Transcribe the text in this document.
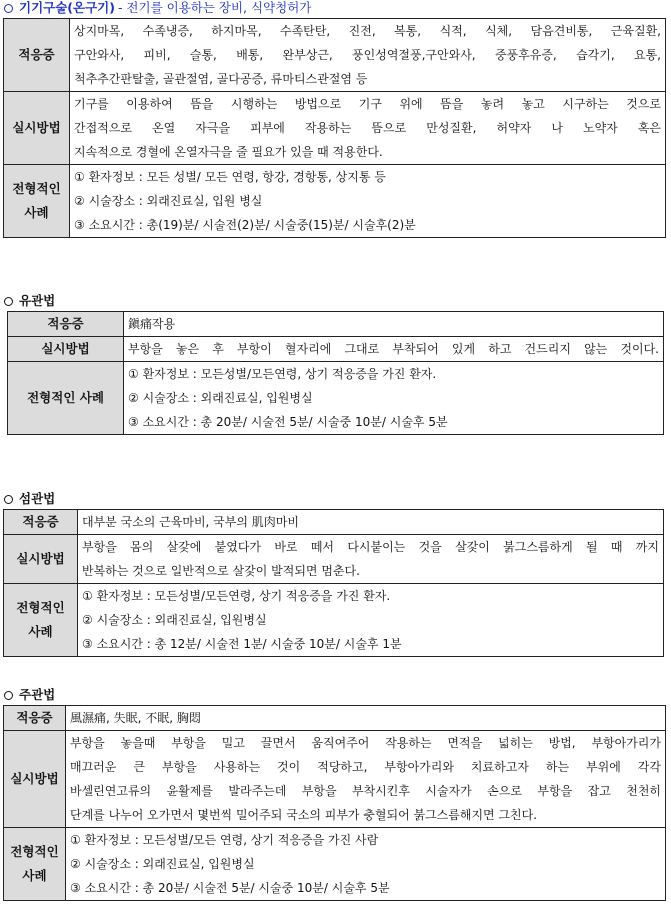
기기구술(온구기) - 전기를 이용하는 장비, 식약청허가
적응증	상지마목, 수족냉증, 하지마목, 수족탄탄, 진전, 복통, 식적, 식체, 담음견비통, 근육질환,
구안와사, 피비, 슬통, 배통, 완부상근, 풍인성역절풍,구안와사, 중풍후유증, 습각기, 요통,
척추추간판탈출, 골관절염, 골다공증, 류마티스관절염 등

실시방법	기구를 이용하여 뜸을 시행하는 방법으로 기구 위에 뜸을 놓려 놓고 시구하는 것으로
간접적으로 온열 자극을 피부에 작용하는 뜸으로 만성질환, 허약자 나 노약자 혹은
지속적으로 경혈에 온열자극을 줄 필요가 있을 때 적용한다.

전형적인
사례	① 환자정보 : 모든 성별/ 모든 연령, 항강, 경항통, 상지통 등
② 시술장소 : 외래진료실, 입원 병실
③ 소요시간 : 총(19)분/ 시술전(2)분/ 시술중(15)분/ 시술후(2)분
유관법
적응증	鎭痛작용

실시방법	부항을 놓은 후 부항이 혈자리에 그대로 부착되어 있게 하고 건드리지 않는 것이다.

전형적인 사례	① 환자정보 : 모든성별/모든연령, 상기 적응증을 가진 환자.
② 시술장소 : 외래진료실, 입원병실
③ 소요시간 : 총 20분/ 시술전 5분/ 시술중 10분/ 시술후 5분
섬관법
적응증	대부분 국소의 근육마비, 국부의 肌肉마비

실시방법	부항을 몸의 살갗에 붙였다가 바로 떼서 다시붙이는 것을 살갗이 붉그스름하게 될 때 까지
반복하는 것으로 일반적으로 살갗이 발적되면 멈춘다.

전형적인
사례	① 환자정보 : 모든성별/모든연령, 상기 적응증을 가진 환자.
② 시술장소 : 외래진료실, 입원병실
③ 소요시간 : 총 12분/ 시술전 1분/ 시술중 10분/ 시술후 1분
주관법
적응증	風濕痛, 失眠, 不眠, 胸悶

실시방법	부항을 놓을때 부항을 밀고 끌면서 움직여주어 작용하는 면적을 넓히는 방법, 부항아가리가
매끄러운 큰 부항을 사용하는 것이 적당하고, 부항아가리와 치료하고자 하는 부위에 각각
바셀린연고류의 윤활제를 발라주는데 부항을 부착시킨후 시술자가 손으로 부항을 잡고 천천히
단계를 나누어 오가면서 몇번씩 밀어주되 국소의 피부가 충혈되어 붉그스름해지면 그친다.

전형적인
사례	① 환자정보 : 모든성별/모든 연령, 상기 적응증을 가진 사람
② 시술장소 : 외래진료실, 입원병실
③ 소요시간 : 총 20분/ 시술전 5분/ 시술중 10분/ 시술후 5분
